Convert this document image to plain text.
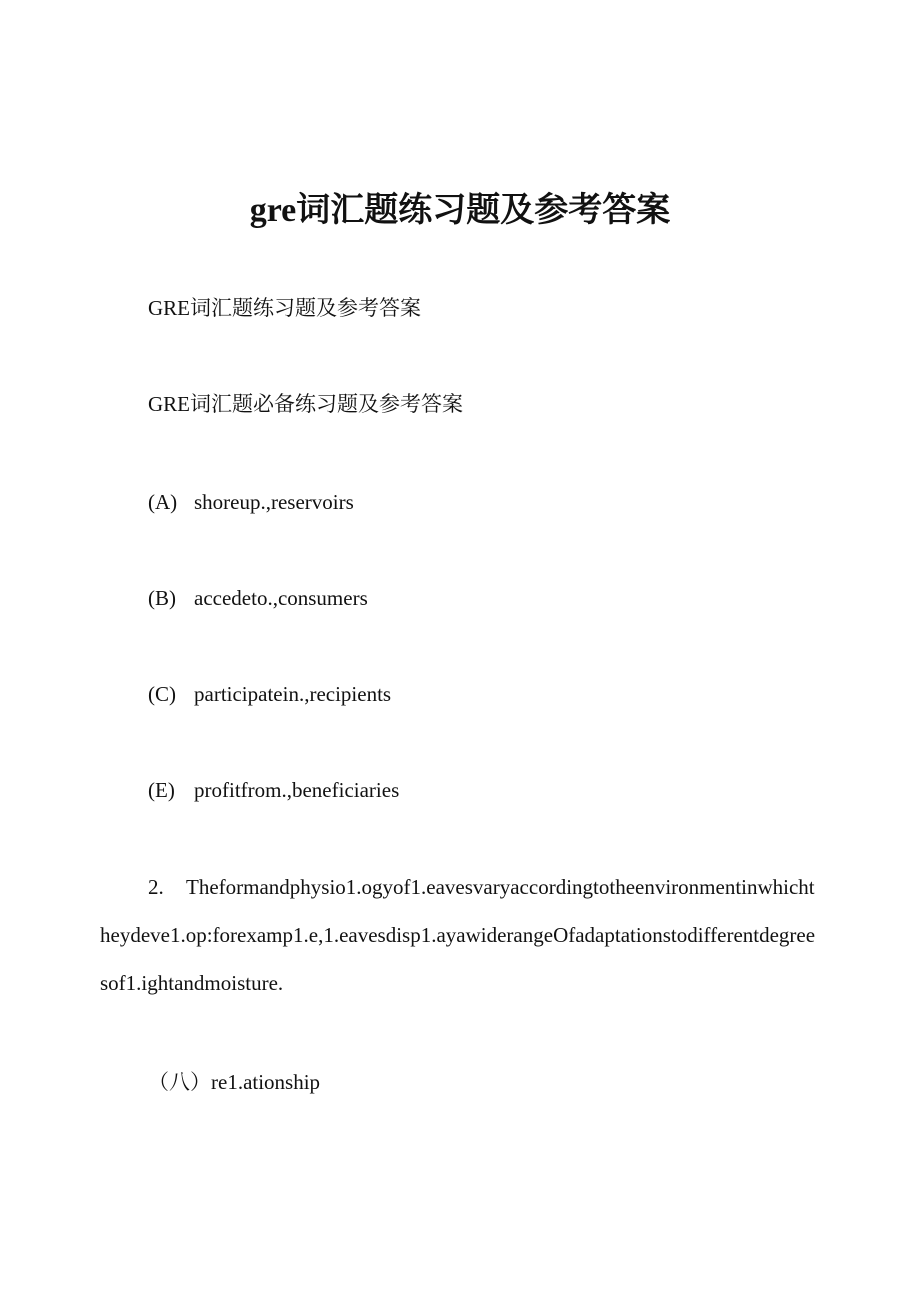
gre词汇题练习题及参考答案
GRE词汇题练习题及参考答案
GRE词汇题必备练习题及参考答案
(A) shoreup.,reservoirs
(B) accedeto.,consumers
(C) participatein.,recipients
(E) profitfrom.,beneficiaries
2. Theformandphysio1.ogyof1.eavesvaryaccordingtotheenvironmentinwhichtheydeve1.op:forexamp1.e,1.eavesdisp1.ayawiderangeOfadaptationstodifferentdegreesof1.ightandmoisture.
（八）re1.ationship
